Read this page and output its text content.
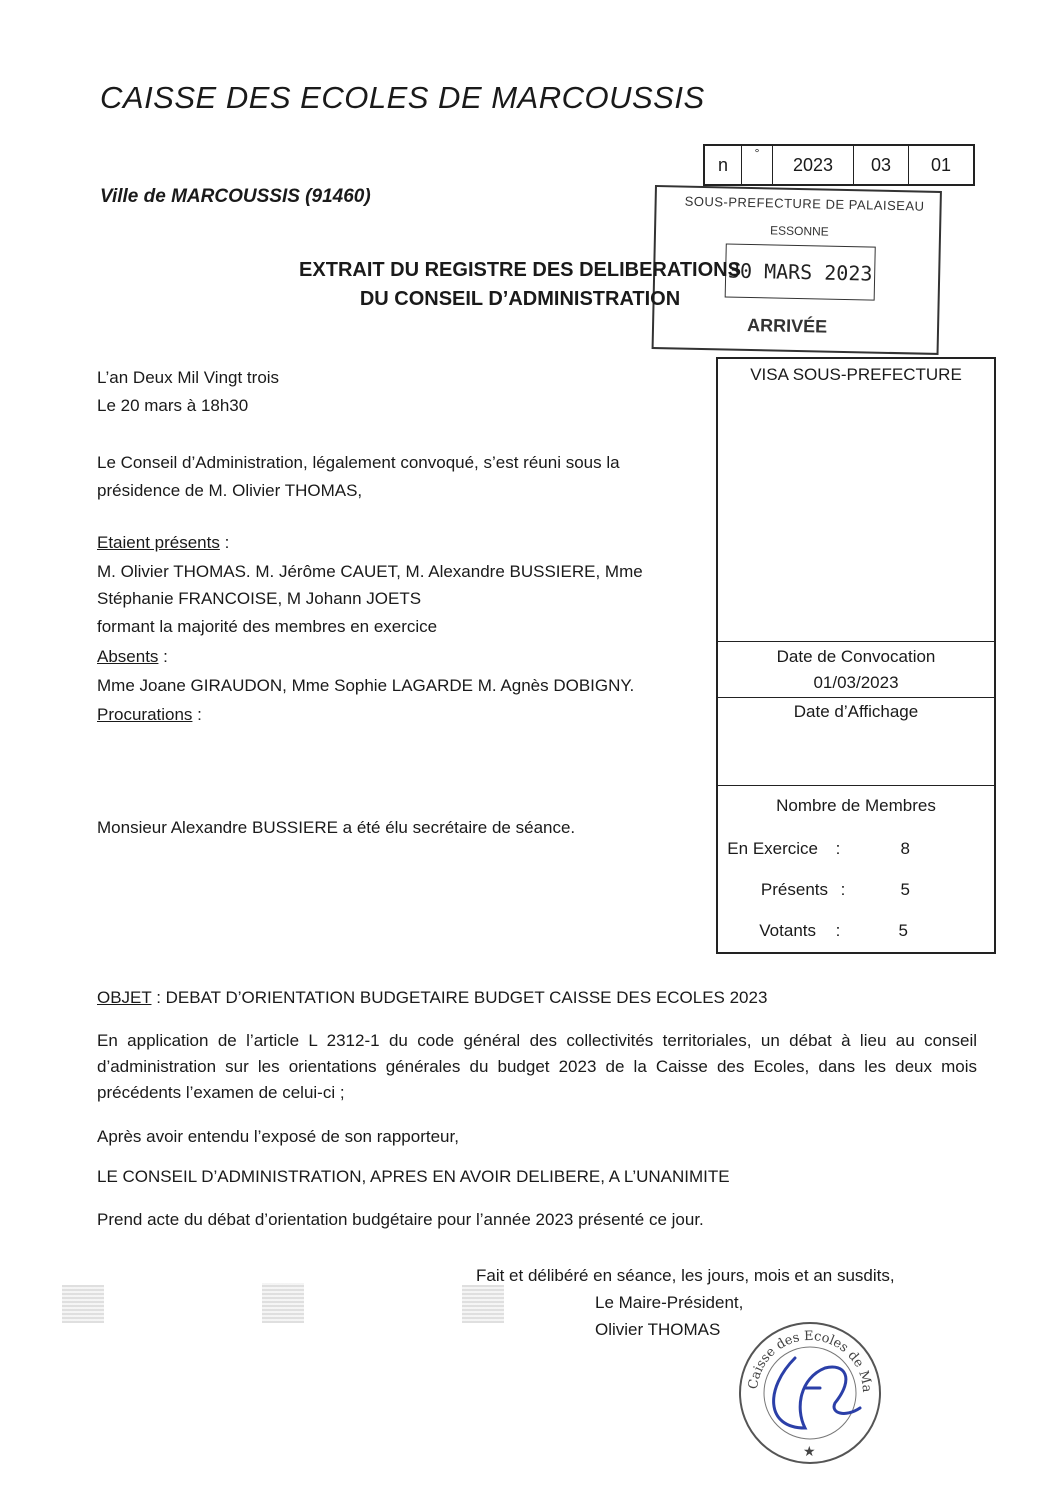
CAISSE DES ECOLES DE MARCOUSSIS
Ville de MARCOUSSIS (91460)
n
°
2023	03	01
SOUS-PREFECTURE DE PALAISEAU
ESSONNE
30 MARS 2023
ARRIVÉE
EXTRAIT DU REGISTRE DES DELIBERATIONS
DU CONSEIL D’ADMINISTRATION
L’an Deux Mil Vingt trois
Le 20 mars à 18h30
Le Conseil d’Administration, légalement convoqué, s’est réuni sous la
présidence de M. Olivier THOMAS,
Etaient présents :
M. Olivier THOMAS. M. Jérôme CAUET, M. Alexandre BUSSIERE, Mme
Stéphanie FRANCOISE, M Johann JOETS
formant la majorité des membres en exercice
Absents :
Mme Joane GIRAUDON, Mme Sophie LAGARDE M. Agnès DOBIGNY.
Procurations :
Monsieur Alexandre BUSSIERE a été élu secrétaire de séance.
VISA SOUS-PREFECTURE
Date de Convocation
01/03/2023
Date d’Affichage
Nombre de Membres
En Exercice	:	8
Présents :	5
Votants	:	5
OBJET : DEBAT D’ORIENTATION BUDGETAIRE BUDGET CAISSE DES ECOLES 2023
En application de l’article L 2312-1 du code général des collectivités territoriales, un débat à lieu au conseil d’administration sur les orientations générales du budget 2023 de la Caisse des Ecoles, dans les deux mois précédents l’examen de celui-ci ;
Après avoir entendu l’exposé de son rapporteur,
LE CONSEIL D’ADMINISTRATION, APRES EN AVOIR DELIBERE, A L’UNANIMITE
Prend acte du débat d’orientation budgétaire pour l’année 2023 présenté ce jour.
Fait et délibéré en séance, les jours, mois et an susdits,
Le Maire-Président,
Olivier THOMAS
Caisse des Ecoles de Ma
★
